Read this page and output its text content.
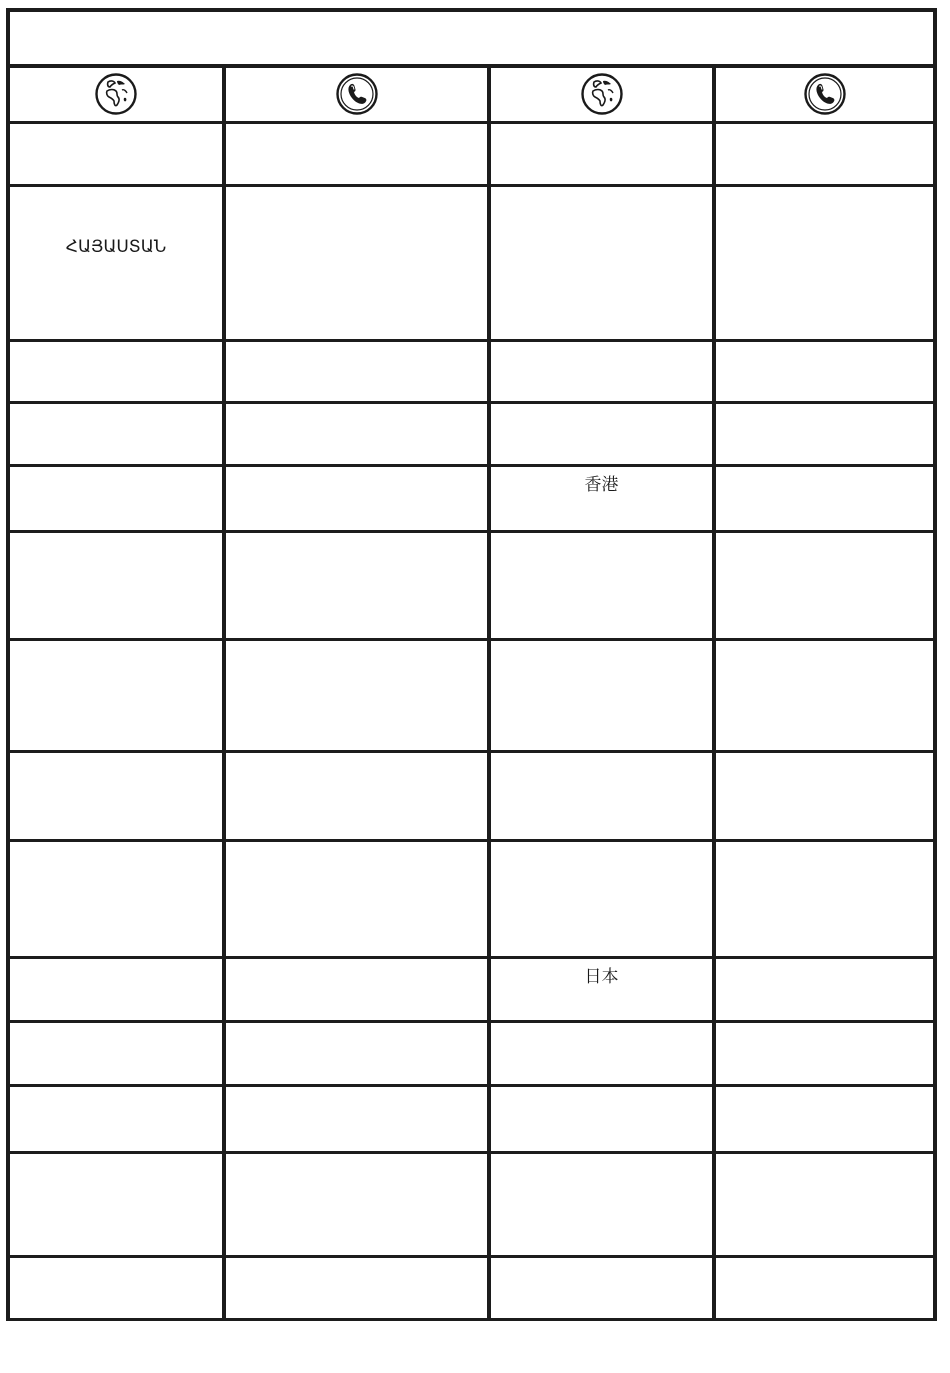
ՀԱՅԱՍՏԱՆ
香港
日本
